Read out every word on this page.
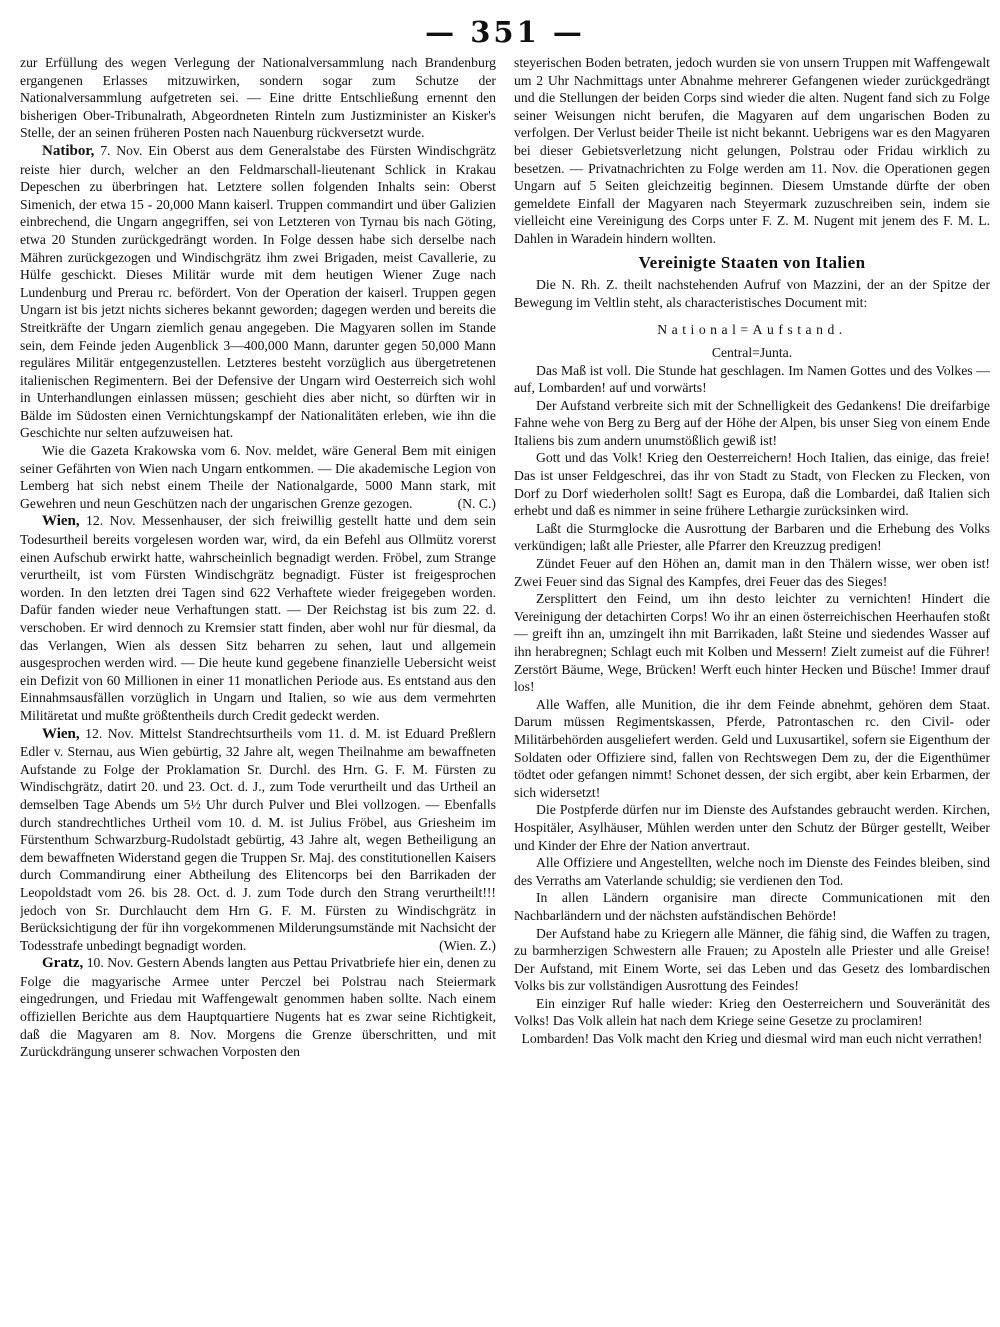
— 351 —

zur Erfüllung des wegen Verlegung der Nationalversammlung nach Brandenburg ergangenen Erlasses mitzuwirken, sondern sogar zum Schutze der Nationalversammlung aufgetreten sei. — Eine dritte Entschließung ernennt den bisherigen Ober-Tribunalrath, Abgeordneten Rinteln zum Justizminister an Kisker's Stelle, der an seinen früheren Posten nach Nauenburg rückversetzt wurde.

Natibor, 7. Nov. Ein Oberst aus dem Generalstabe des Fürsten Windischgrätz reiste hier durch, welcher an den Feldmarschall-lieutenant Schlick in Krakau Depeschen zu überbringen hat. Letztere sollen folgenden Inhalts sein: Oberst Simenich, der etwa 15 - 20,000 Mann kaiserl. Truppen commandirt und über Galizien einbrechend, die Ungarn angegriffen, sei von Letzteren von Tyrnau bis nach Göting, etwa 20 Stunden zurückgedrängt worden. In Folge dessen habe sich derselbe nach Mähren zurückgezogen und Windischgrätz ihm zwei Brigaden, meist Cavallerie, zu Hülfe geschickt. Dieses Militär wurde mit dem heutigen Wiener Zuge nach Lundenburg und Prerau rc. befördert. Von der Operation der kaiserl. Truppen gegen Ungarn ist bis jetzt nichts sicheres bekannt geworden; dagegen werden und bereits die Streitkräfte der Ungarn ziemlich genau angegeben. Die Magyaren sollen im Stande sein, dem Feinde jeden Augenblick 3—400,000 Mann, darunter gegen 50,000 Mann reguläres Militär entgegenzustellen. Letzteres besteht vorzüglich aus übergetretenen italienischen Regimentern. Bei der Defensive der Ungarn wird Oesterreich sich wohl in Unterhandlungen einlassen müssen; geschieht dies aber nicht, so dürften wir in Bälde im Südosten einen Vernichtungskampf der Nationalitäten erleben, wie ihn die Geschichte nur selten aufzuweisen hat.

Wie die Gazeta Krakowska vom 6. Nov. meldet, wäre General Bem mit einigen seiner Gefährten von Wien nach Ungarn entkommen. — Die akademische Legion von Lemberg hat sich nebst einem Theile der Nationalgarde, 5000 Mann stark, mit Gewehren und neun Geschützen nach der ungarischen Grenze gezogen.	(N. C.)

Wien, 12. Nov. Messenhauser, der sich freiwillig gestellt hatte und dem sein Todesurtheil bereits vorgelesen worden war, wird, da ein Befehl aus Ollmütz vorerst einen Aufschub erwirkt hatte, wahrscheinlich begnadigt werden. Fröbel, zum Strange verurtheilt, ist vom Fürsten Windischgrätz begnadigt. Füster ist freigesprochen worden. In den letzten drei Tagen sind 622 Verhaftete wieder freigegeben worden. Dafür fanden wieder neue Verhaftungen statt. — Der Reichstag ist bis zum 22. d. verschoben. Er wird dennoch zu Kremsier statt finden, aber wohl nur für diesmal, da das Verlangen, Wien als dessen Sitz beharren zu sehen, laut und allgemein ausgesprochen werden wird. — Die heute kund gegebene finanzielle Uebersicht weist ein Defizit von 60 Millionen in einer 11 monatlichen Periode aus. Es entstand aus den Einnahmsausfällen vorzüglich in Ungarn und Italien, so wie aus dem vermehrten Militäretat und mußte größtentheils durch Credit gedeckt werden.

Wien, 12. Nov. Mittelst Standrechtsurtheils vom 11. d. M. ist Eduard Preßlern Edler v. Sternau, aus Wien gebürtig, 32 Jahre alt, wegen Theilnahme am bewaffneten Aufstande zu Folge der Proklamation Sr. Durchl. des Hrn. G. F. M. Fürsten zu Windischgrätz, datirt 20. und 23. Oct. d. J., zum Tode verurtheilt und das Urtheil an demselben Tage Abends um 5½ Uhr durch Pulver und Blei vollzogen. — Ebenfalls durch standrechtliches Urtheil vom 10. d. M. ist Julius Fröbel, aus Griesheim im Fürstenthum Schwarzburg-Rudolstadt gebürtig, 43 Jahre alt, wegen Betheiligung an dem bewaffneten Widerstand gegen die Truppen Sr. Maj. des constitutionellen Kaisers durch Commandirung einer Abtheilung des Elitencorps bei den Barrikaden der Leopoldstadt vom 26. bis 28. Oct. d. J. zum Tode durch den Strang verurtheilt!!! jedoch von Sr. Durchlaucht dem Hrn G. F. M. Fürsten zu Windischgrätz in Berücksichtigung der für ihn vorgekommenen Milderungsumstände mit Nachsicht der Todesstrafe unbedingt begnadigt worden.	(Wien. Z.)

Gratz, 10. Nov. Gestern Abends langten aus Pettau Privatbriefe hier ein, denen zu Folge die magyarische Armee unter Perczel bei Polstrau nach Steiermark eingedrungen, und Friedau mit Waffengewalt genommen haben sollte. Nach einem offiziellen Berichte aus dem Hauptquartiere Nugents hat es zwar seine Richtigkeit, daß die Magyaren am 8. Nov. Morgens die Grenze überschritten, und mit Zurückdrängung unserer schwachen Vorposten den

steyerischen Boden betraten, jedoch wurden sie von unsern Truppen mit Waffengewalt um 2 Uhr Nachmittags unter Abnahme mehrerer Gefangenen wieder zurückgedrängt und die Stellungen der beiden Corps sind wieder die alten. Nugent fand sich zu Folge seiner Weisungen nicht berufen, die Magyaren auf dem ungarischen Boden zu verfolgen. Der Verlust beider Theile ist nicht bekannt. Uebrigens war es den Magyaren bei dieser Gebietsverletzung nicht gelungen, Polstrau oder Fridau wirklich zu besetzen. — Privatnachrichten zu Folge werden am 11. Nov. die Operationen gegen Ungarn auf 5 Seiten gleichzeitig beginnen. Diesem Umstande dürfte der oben gemeldete Einfall der Magyaren nach Steyermark zuzuschreiben sein, indem sie vielleicht eine Vereinigung des Corps unter F. Z. M. Nugent mit jenem des F. M. L. Dahlen in Waradein hindern wollten.

Vereinigte Staaten von Italien

Die N. Rh. Z. theilt nachstehenden Aufruf von Mazzini, der an der Spitze der Bewegung im Veltlin steht, als characteristisches Document mit:

National=Aufstand.
Central=Junta.

Das Maß ist voll. Die Stunde hat geschlagen. Im Namen Gottes und des Volkes — auf, Lombarden! auf und vorwärts!

Der Aufstand verbreite sich mit der Schnelligkeit des Gedankens! Die dreifarbige Fahne wehe von Berg zu Berg auf der Höhe der Alpen, bis unser Sieg von einem Ende Italiens bis zum andern unumstößlich gewiß ist!

Gott und das Volk! Krieg den Oesterreichern! Hoch Italien, das einige, das freie! Das ist unser Feldgeschrei, das ihr von Stadt zu Stadt, von Flecken zu Flecken, von Dorf zu Dorf wiederholen sollt! Sagt es Europa, daß die Lombardei, daß Italien sich erhebt und daß es nimmer in seine frühere Lethargie zurücksinken wird.

Laßt die Sturmglocke die Ausrottung der Barbaren und die Erhebung des Volks verkündigen; laßt alle Priester, alle Pfarrer den Kreuzzug predigen!

Zündet Feuer auf den Höhen an, damit man in den Thälern wisse, wer oben ist! Zwei Feuer sind das Signal des Kampfes, drei Feuer das des Sieges!

Zersplittert den Feind, um ihn desto leichter zu vernichten! Hindert die Vereinigung der detachirten Corps! Wo ihr an einen österreichischen Heerhaufen stoßt — greift ihn an, umzingelt ihn mit Barrikaden, laßt Steine und siedendes Wasser auf ihn herabregnen; Schlagt euch mit Kolben und Messern! Zielt zumeist auf die Führer! Zerstört Bäume, Wege, Brücken! Werft euch hinter Hecken und Büsche! Immer drauf los!

Alle Waffen, alle Munition, die ihr dem Feinde abnehmt, gehören dem Staat. Darum müssen Regimentskassen, Pferde, Patrontaschen rc. den Civil- oder Militärbehörden ausgeliefert werden. Geld und Luxusartikel, sofern sie Eigenthum der Soldaten oder Offiziere sind, fallen von Rechtswegen Dem zu, der die Eigenthümer tödtet oder gefangen nimmt! Schonet dessen, der sich ergibt, aber kein Erbarmen, der sich widersetzt!

Die Postpferde dürfen nur im Dienste des Aufstandes gebraucht werden. Kirchen, Hospitäler, Asylhäuser, Mühlen werden unter den Schutz der Bürger gestellt, Weiber und Kinder der Ehre der Nation anvertraut.

Alle Offiziere und Angestellten, welche noch im Dienste des Feindes bleiben, sind des Verraths am Vaterlande schuldig; sie verdienen den Tod.

In allen Ländern organisire man directe Communicationen mit den Nachbarländern und der nächsten aufständischen Behörde!

Der Aufstand habe zu Kriegern alle Männer, die fähig sind, die Waffen zu tragen, zu barmherzigen Schwestern alle Frauen; zu Aposteln alle Priester und alle Greise! Der Aufstand, mit Einem Worte, sei das Leben und das Gesetz des lombardischen Volks bis zur vollständigen Ausrottung des Feindes!

Ein einziger Ruf halle wieder: Krieg den Oesterreichern und Souveränität des Volks! Das Volk allein hat nach dem Kriege seine Gesetze zu proclamiren!

Lombarden! Das Volk macht den Krieg und diesmal wird man euch nicht verrathen!
